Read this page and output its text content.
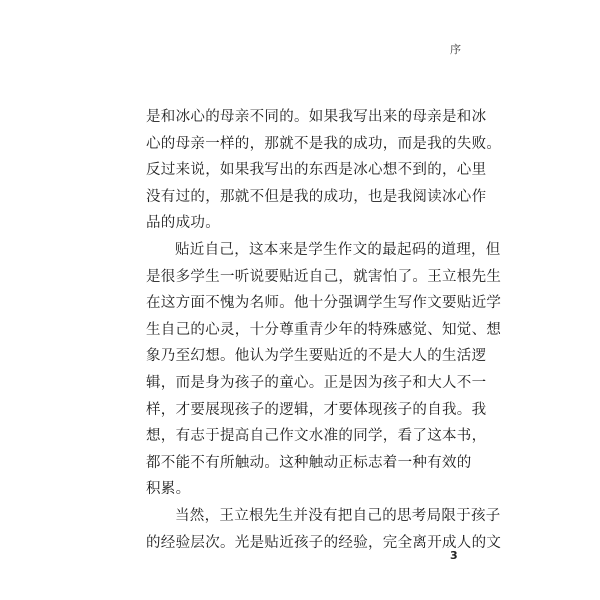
序
是和冰心的母亲不同的。如果我写出来的母亲是和冰
心的母亲一样的，那就不是我的成功，而是我的失败。
反过来说，如果我写出的东西是冰心想不到的，心里
没有过的，那就不但是我的成功，也是我阅读冰心作
品的成功。
贴近自己，这本来是学生作文的最起码的道理，但
是很多学生一听说要贴近自己，就害怕了。王立根先生
在这方面不愧为名师。他十分强调学生写作文要贴近学
生自己的心灵，十分尊重青少年的特殊感觉、知觉、想
象乃至幻想。他认为学生要贴近的不是大人的生活逻
辑，而是身为孩子的童心。正是因为孩子和大人不一
样，才要展现孩子的逻辑，才要体现孩子的自我。我
想，有志于提高自己作文水准的同学，看了这本书，
都不能不有所触动。这种触动正标志着一种有效的
积累。
当然，王立根先生并没有把自己的思考局限于孩子
的经验层次。光是贴近孩子的经验，完全离开成人的文
3
